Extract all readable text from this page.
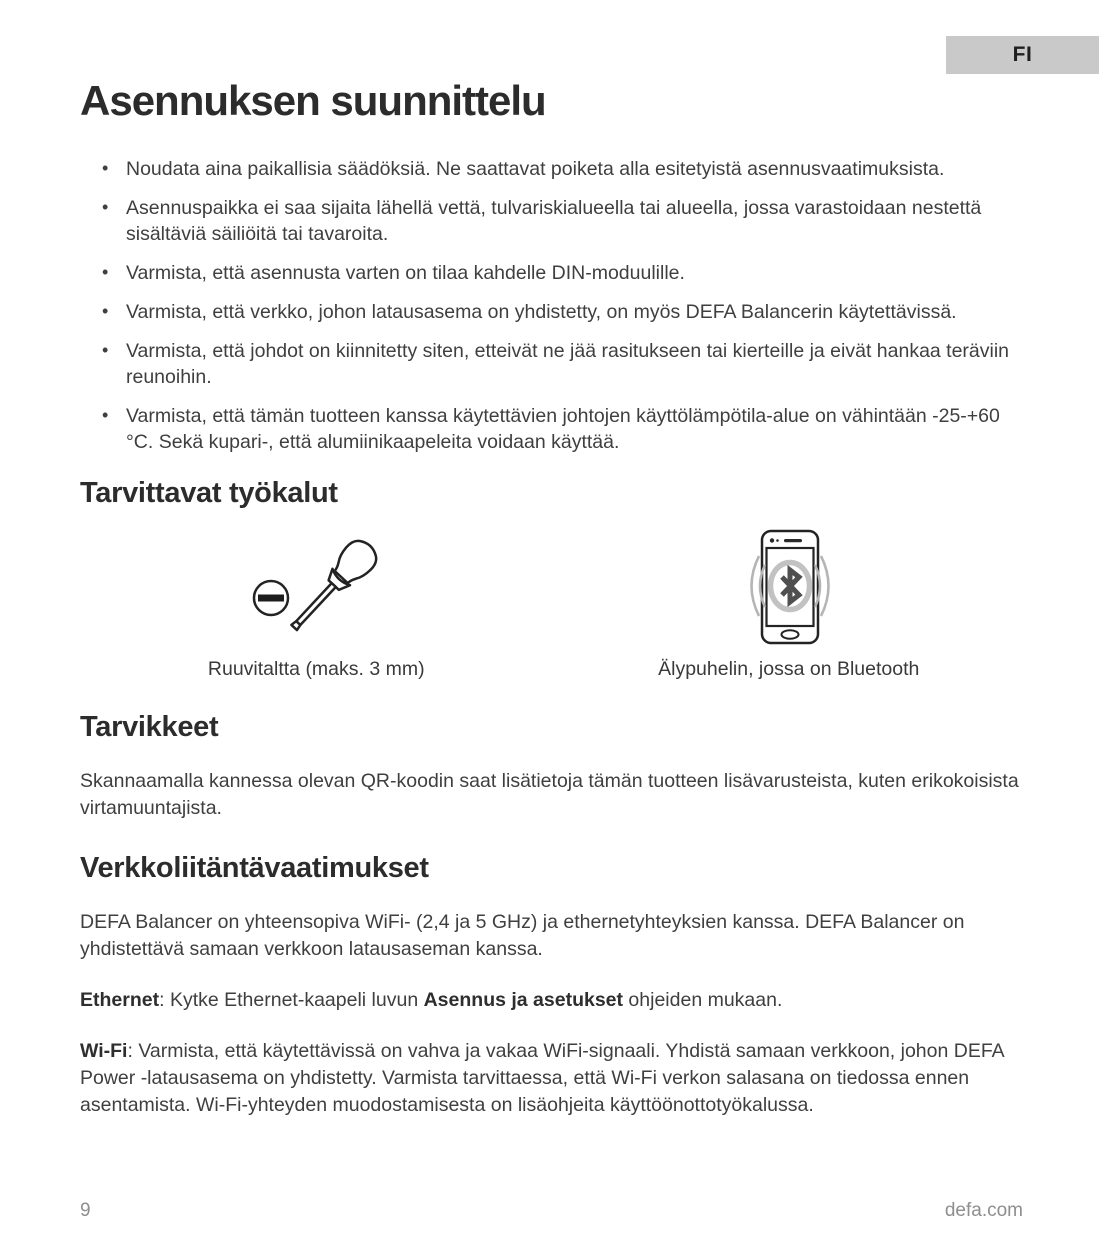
FI
Asennuksen suunnittelu
• Noudata aina paikallisia säädöksiä. Ne saattavat poiketa alla esitetyistä asennusvaatimuksista.
• Asennuspaikka ei saa sijaita lähellä vettä, tulvariskialueella tai alueella, jossa varastoidaan nestettä sisältäviä säiliöitä tai tavaroita.
• Varmista, että asennusta varten on tilaa kahdelle DIN-moduulille.
• Varmista, että verkko, johon latausasema on yhdistetty, on myös DEFA Balancerin käytettävissä.
• Varmista, että johdot on kiinnitetty siten, etteivät ne jää rasitukseen tai kierteille ja eivät hankaa teräviin reunoihin.
• Varmista, että tämän tuotteen kanssa käytettävien johtojen käyttölämpötila-alue on vähintään -25-+60 °C. Sekä kupari-, että alumiinikaapeleita voidaan käyttää.
Tarvittavat työkalut
Ruuvitaltta (maks. 3 mm)	Älypuhelin, jossa on Bluetooth
Tarvikkeet

Skannaamalla kannessa olevan QR-koodin saat lisätietoja tämän tuotteen lisävarusteista, kuten erikokoisista virtamuuntajista.

Verkkoliitäntävaatimukset

DEFA Balancer on yhteensopiva WiFi- (2,4 ja 5 GHz) ja ethernetyhteyksien kanssa. DEFA Balancer on yhdistettävä samaan verkkoon latausaseman kanssa.

Ethernet: Kytke Ethernet-kaapeli luvun Asennus ja asetukset ohjeiden mukaan.

Wi-Fi: Varmista, että käytettävissä on vahva ja vakaa WiFi-signaali. Yhdistä samaan verkkoon, johon DEFA Power -latausasema on yhdistetty. Varmista tarvittaessa, että Wi-Fi verkon salasana on tiedossa ennen asentamista. Wi-Fi-yhteyden muodostamisesta on lisäohjeita käyttöönottotyökalussa.

9	defa.com
